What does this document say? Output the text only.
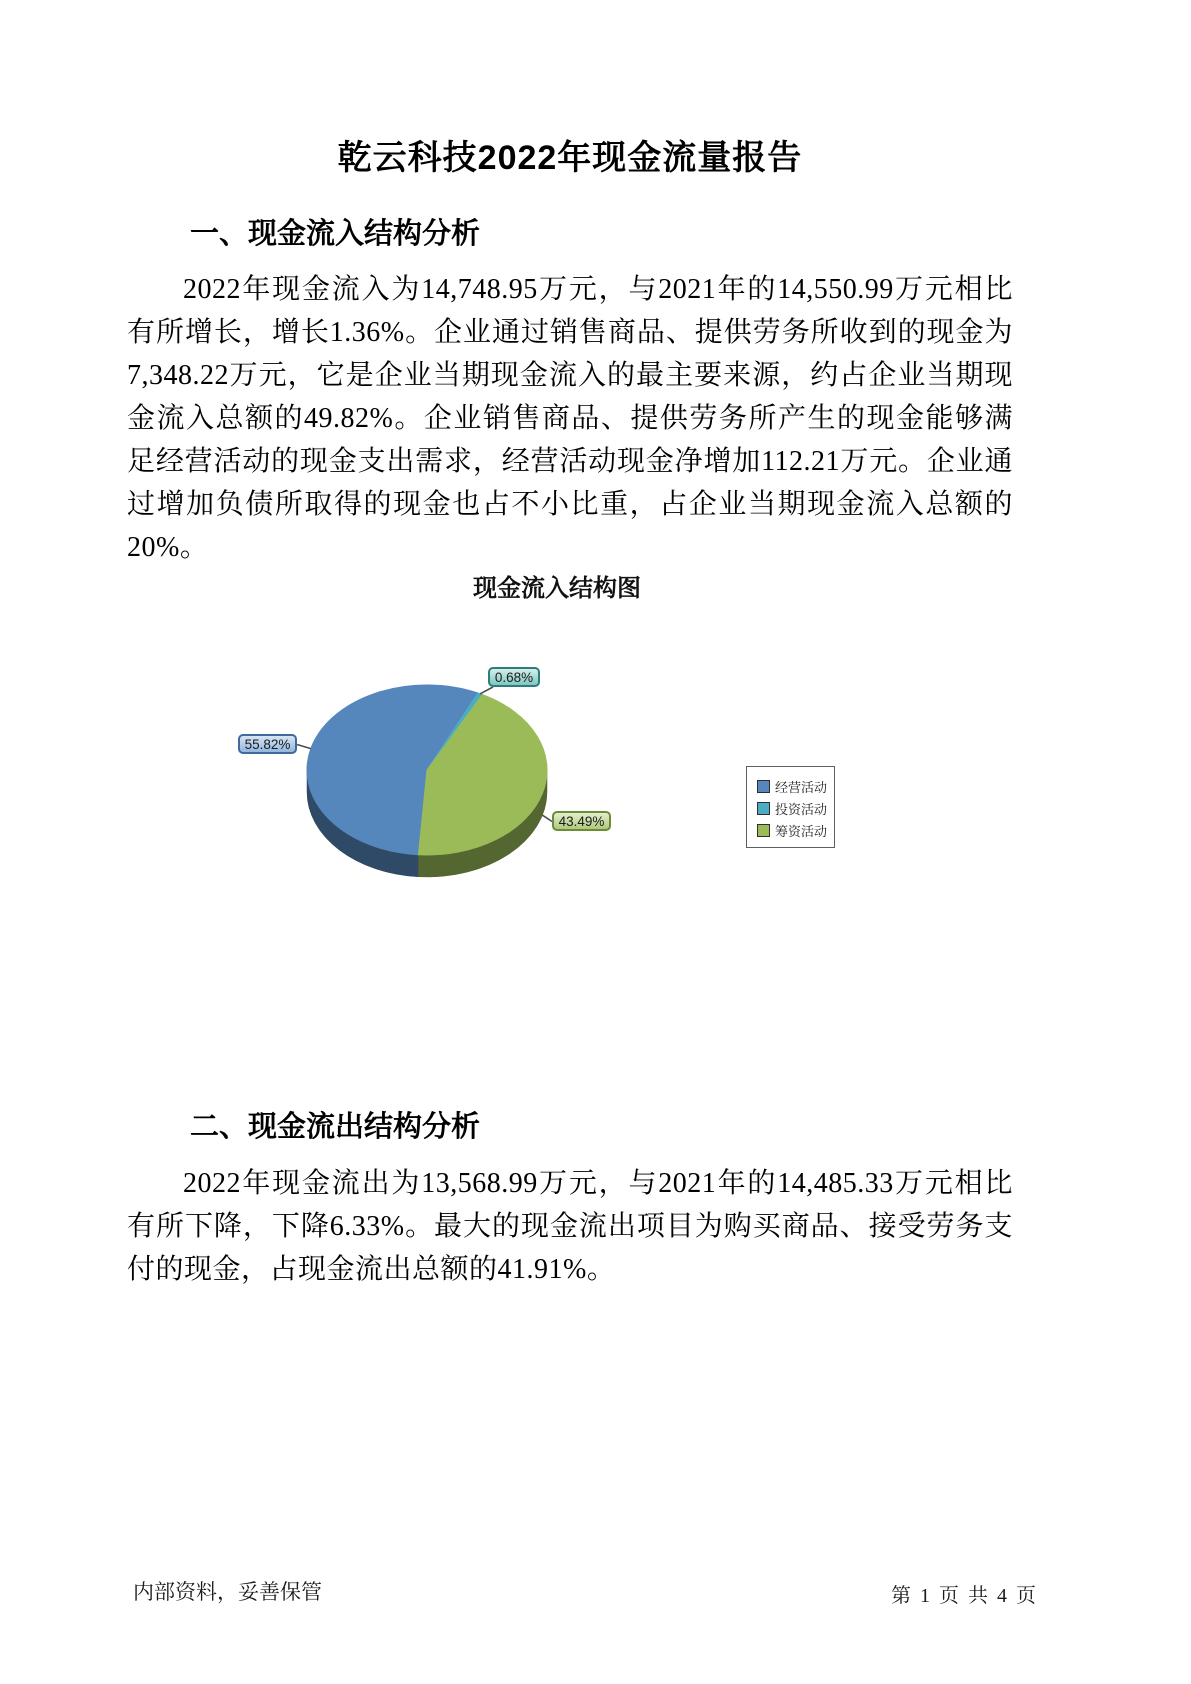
乾云科技2022年现金流量报告
一、现金流入结构分析

2022年现金流入为14,748.95万元，与2021年的14,550.99万元相比有所增长，增长1.36%。企业通过销售商品、提供劳务所收到的现金为7,348.22万元，它是企业当期现金流入的最主要来源，约占企业当期现金流入总额的49.82%。企业销售商品、提供劳务所产生的现金能够满足经营活动的现金支出需求，经营活动现金净增加112.21万元。企业通过增加负债所取得的现金也占不小比重，占企业当期现金流入总额的20%。

现金流入结构图
55.82%
0.68%
43.49%
经营活动
投资活动
筹资活动
二、现金流出结构分析

2022年现金流出为13,568.99万元，与2021年的14,485.33万元相比有所下降，下降6.33%。最大的现金流出项目为购买商品、接受劳务支付的现金，占现金流出总额的41.91%。

内部资料，妥善保管	第 1 页 共 4 页
